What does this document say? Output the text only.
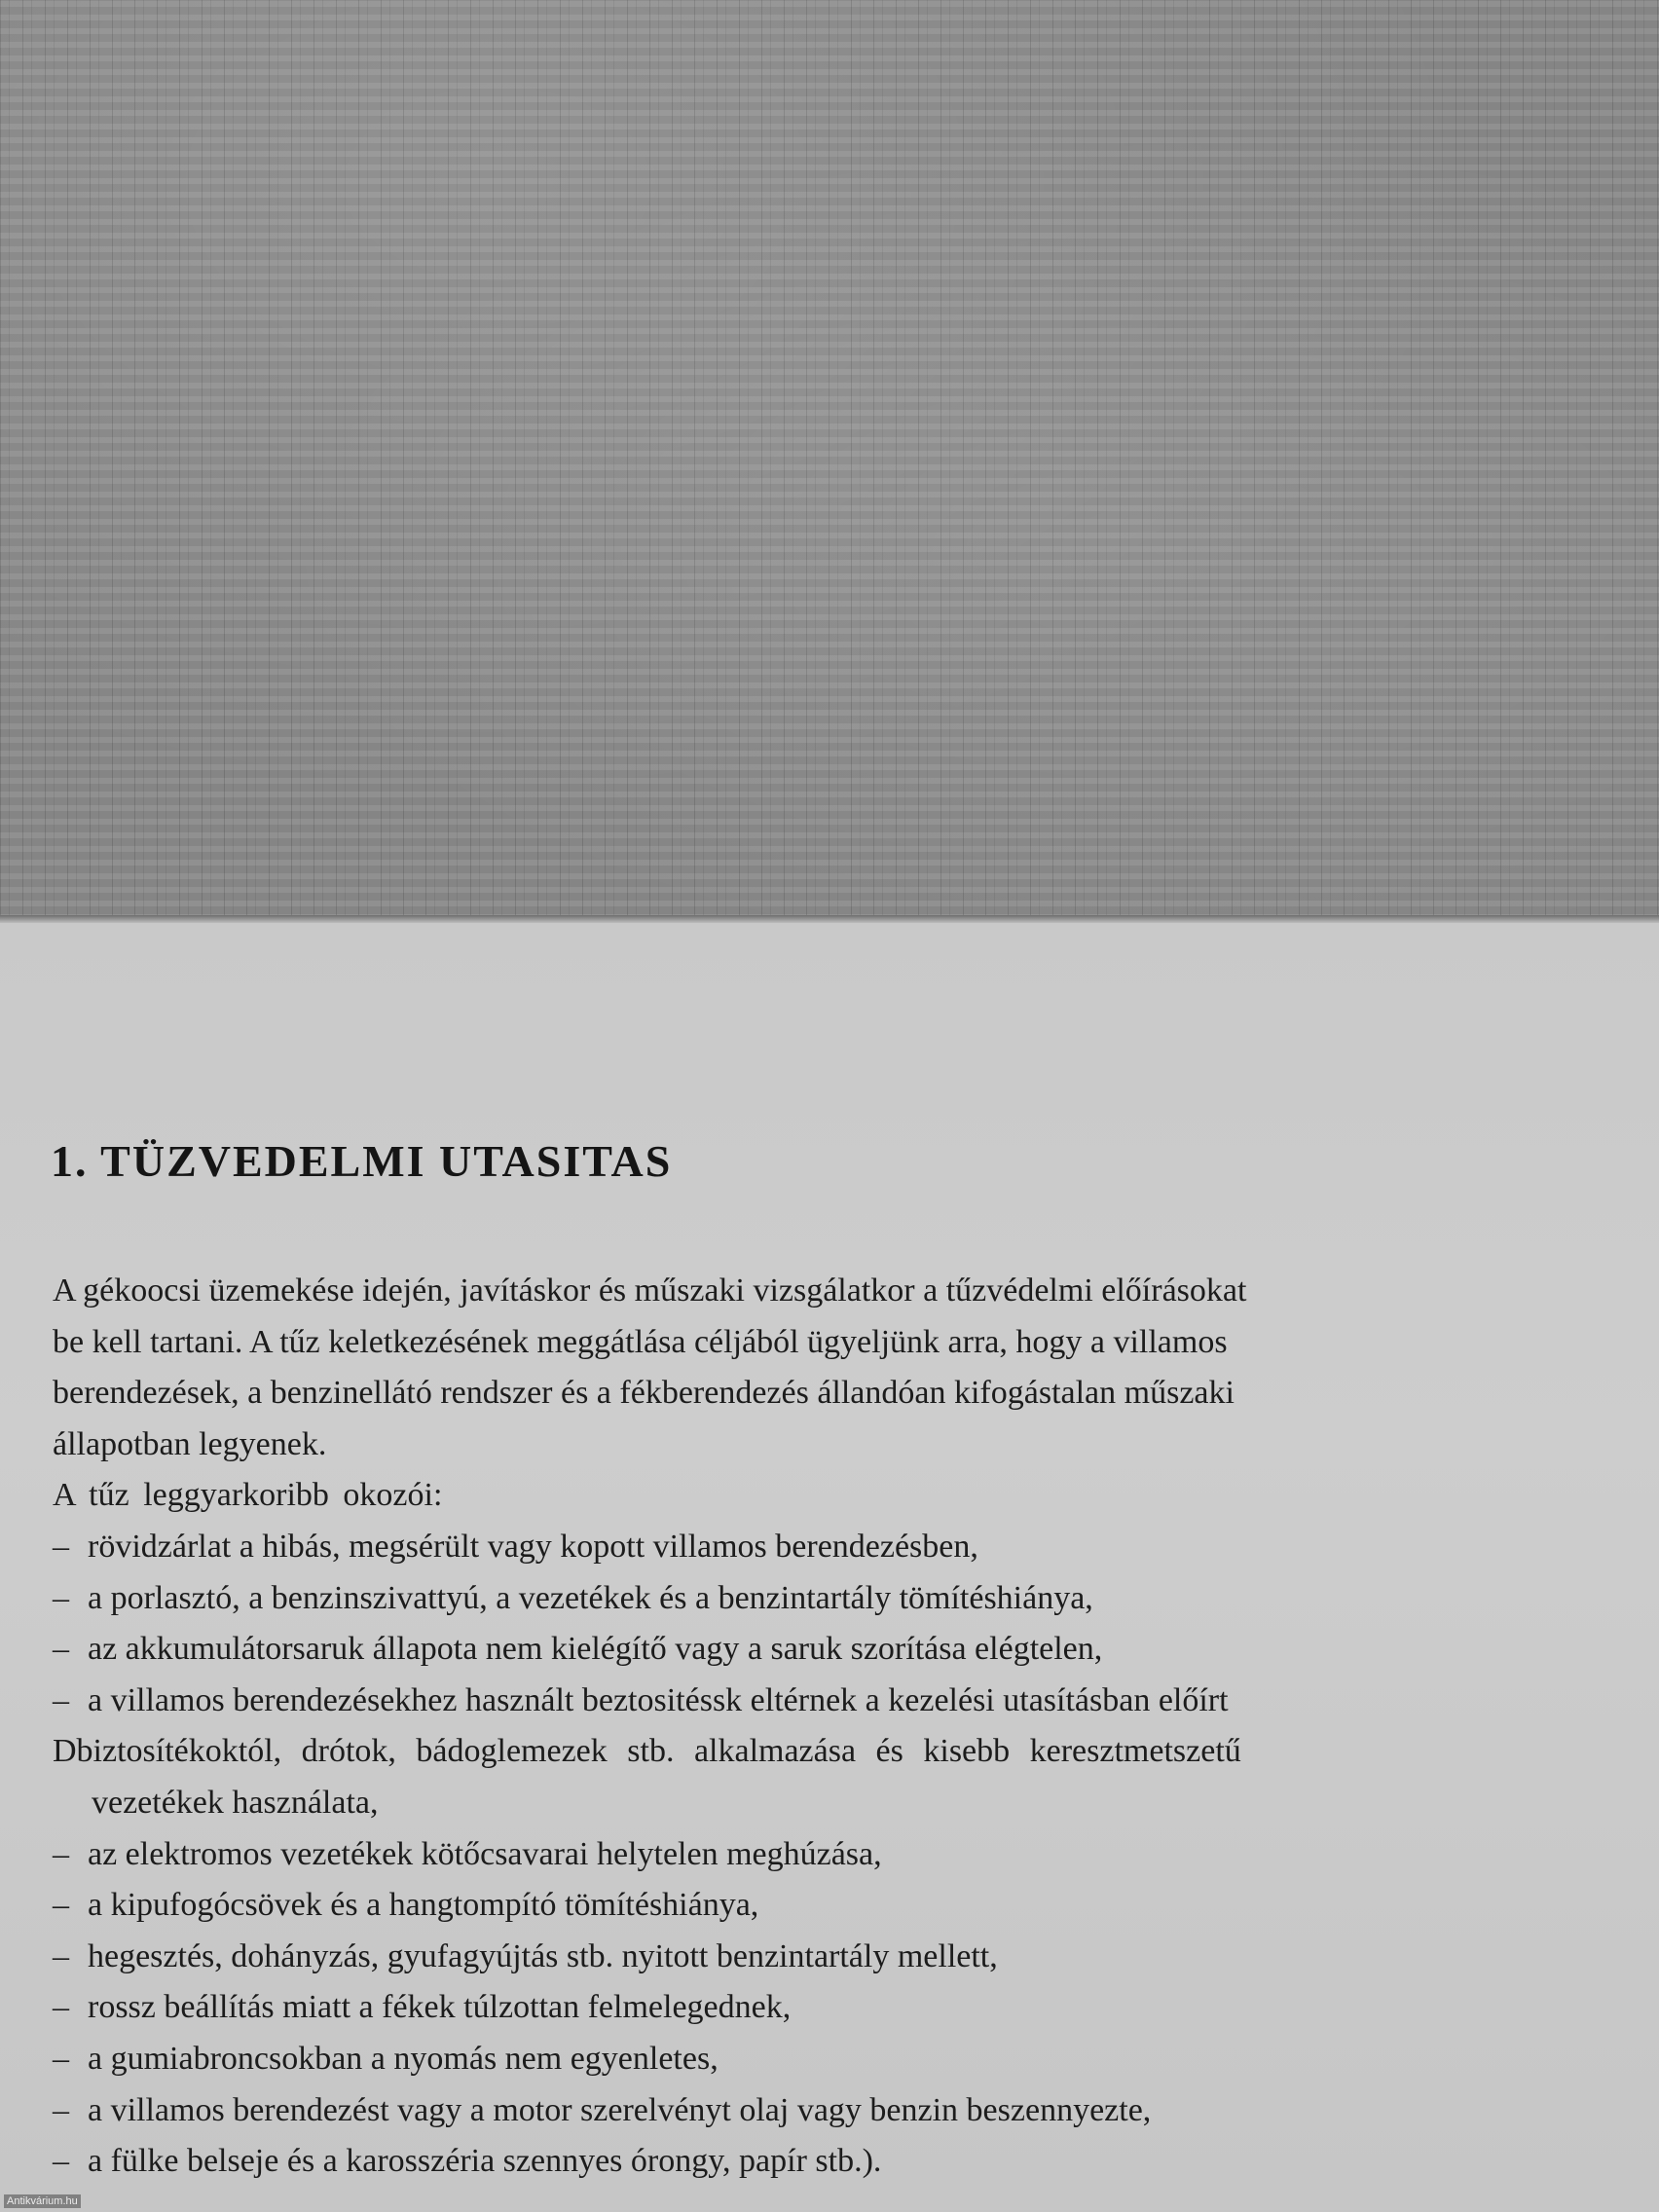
1. TÜZVEDELMI UTASITAS
A gékoocsi üzemekése idején, javításkor és műszaki vizsgálatkor a tűzvédelmi előírásokat
be kell tartani. A tűz keletkezésének meggátlása céljából ügyeljünk arra, hogy a villamos
berendezések, a benzinellátó rendszer és a fékberendezés állandóan kifogástalan műszaki
állapotban legyenek.
A tűz leggyarkoribb okozói:
– rövidzárlat a hibás, megsérült vagy kopott villamos berendezésben,
– a porlasztó, a benzinszivattyú, a vezetékek és a benzintartály tömítéshiánya,
– az akkumulátorsaruk állapota nem kielégítő vagy a saruk szorítása elégtelen,
– a villamos berendezésekhez használt beztositéssk eltérnek a kezelési utasításban előírt
Dbiztosítékoktól, drótok, bádoglemezek stb. alkalmazása és kisebb keresztmetszetű
vezetékek használata,
– az elektromos vezetékek kötőcsavarai helytelen meghúzása,
– a kipufogócsövek és a hangtompító tömítéshiánya,
– hegesztés, dohányzás, gyufagyújtás stb. nyitott benzintartály mellett,
– rossz beállítás miatt a fékek túlzottan felmelegednek,
– a gumiabroncsokban a nyomás nem egyenletes,
– a villamos berendezést vagy a motor szerelvényt olaj vagy benzin beszennyezte,
– a fülke belseje és a karosszéria szennyes órongy, papír stb.).
Antikvárium.hu
